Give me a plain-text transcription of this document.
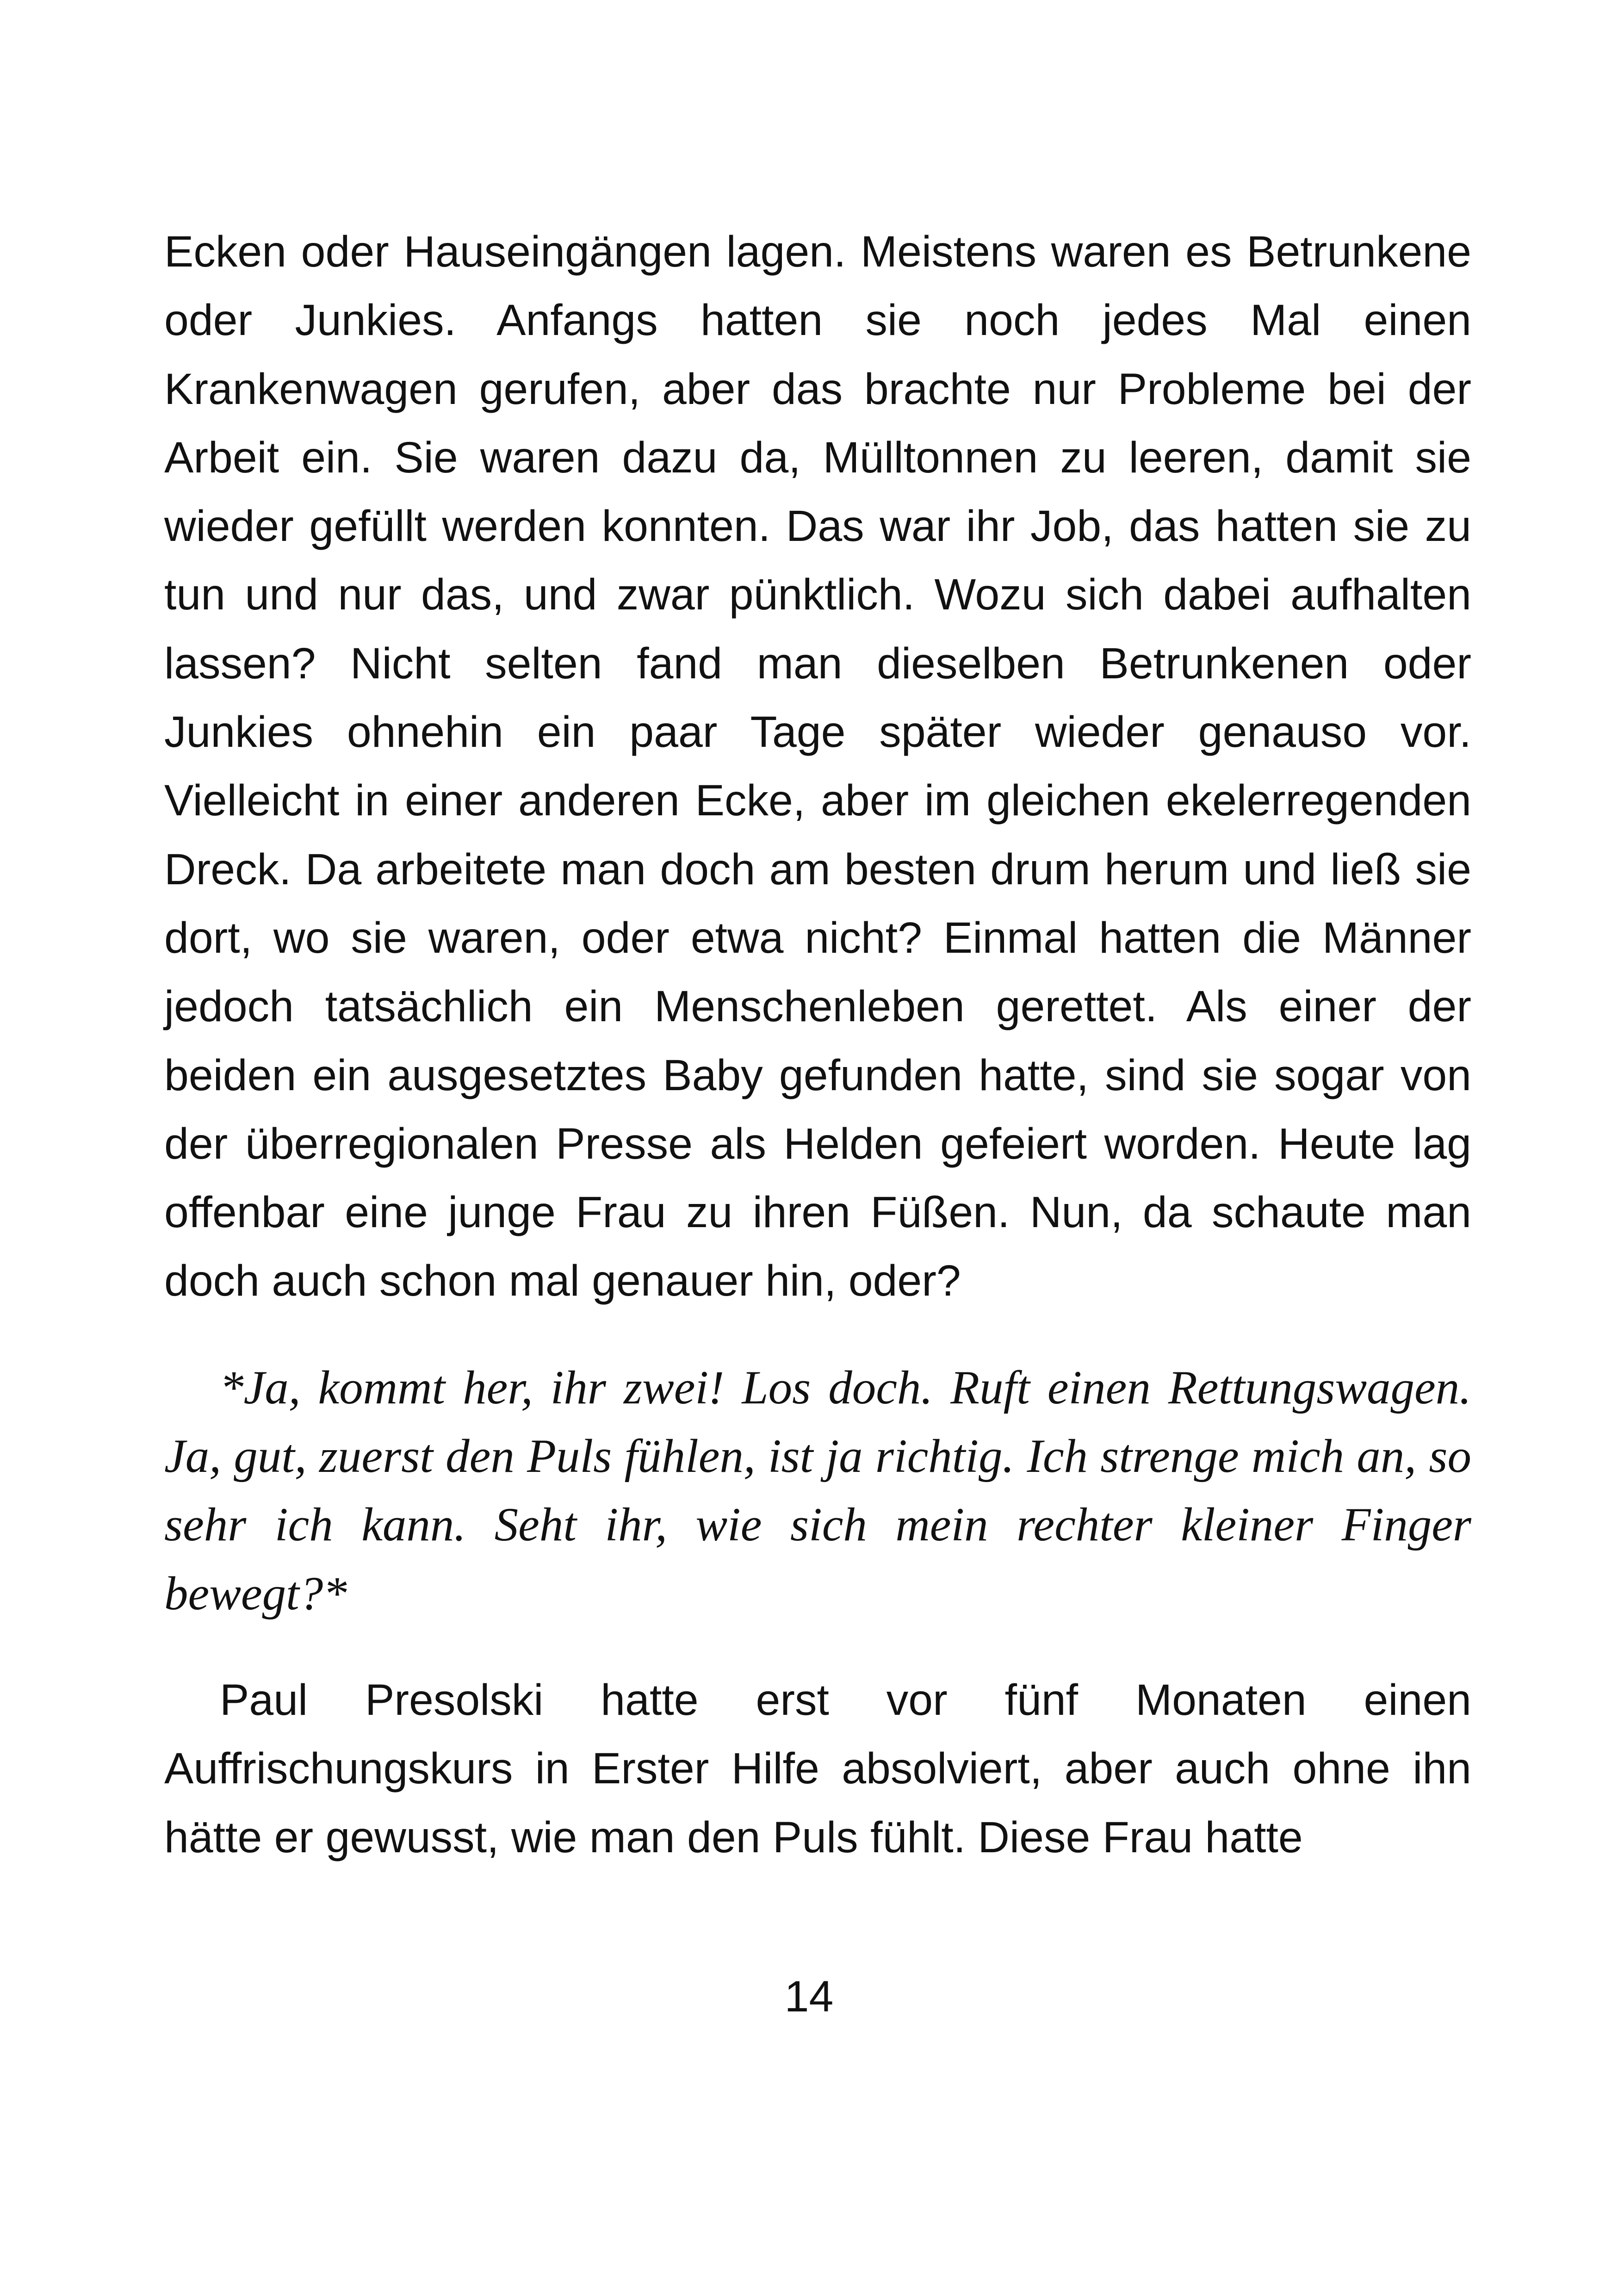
Ecken oder Hauseingängen lagen. Meistens waren es Betrunkene oder Junkies. Anfangs hatten sie noch jedes Mal einen Krankenwagen gerufen, aber das brachte nur Probleme bei der Arbeit ein. Sie waren dazu da, Mülltonnen zu leeren, damit sie wieder gefüllt werden konnten. Das war ihr Job, das hatten sie zu tun und nur das, und zwar pünktlich. Wozu sich dabei aufhalten lassen? Nicht selten fand man dieselben Betrunkenen oder Junkies ohnehin ein paar Tage später wieder genauso vor. Vielleicht in einer anderen Ecke, aber im gleichen ekelerregenden Dreck. Da arbeitete man doch am besten drum herum und ließ sie dort, wo sie waren, oder etwa nicht? Einmal hatten die Männer jedoch tatsächlich ein Menschenleben gerettet. Als einer der beiden ein ausgesetztes Baby gefunden hatte, sind sie sogar von der überregionalen Presse als Helden gefeiert worden. Heute lag offenbar eine junge Frau zu ihren Füßen. Nun, da schaute man doch auch schon mal genauer hin, oder?

*Ja, kommt her, ihr zwei! Los doch. Ruft einen Rettungswagen. Ja, gut, zuerst den Puls fühlen, ist ja richtig. Ich strenge mich an, so sehr ich kann. Seht ihr, wie sich mein rechter kleiner Finger bewegt?*

Paul Presolski hatte erst vor fünf Monaten einen Auffrischungskurs in Erster Hilfe absolviert, aber auch ohne ihn hätte er gewusst, wie man den Puls fühlt. Diese Frau hatte

14
